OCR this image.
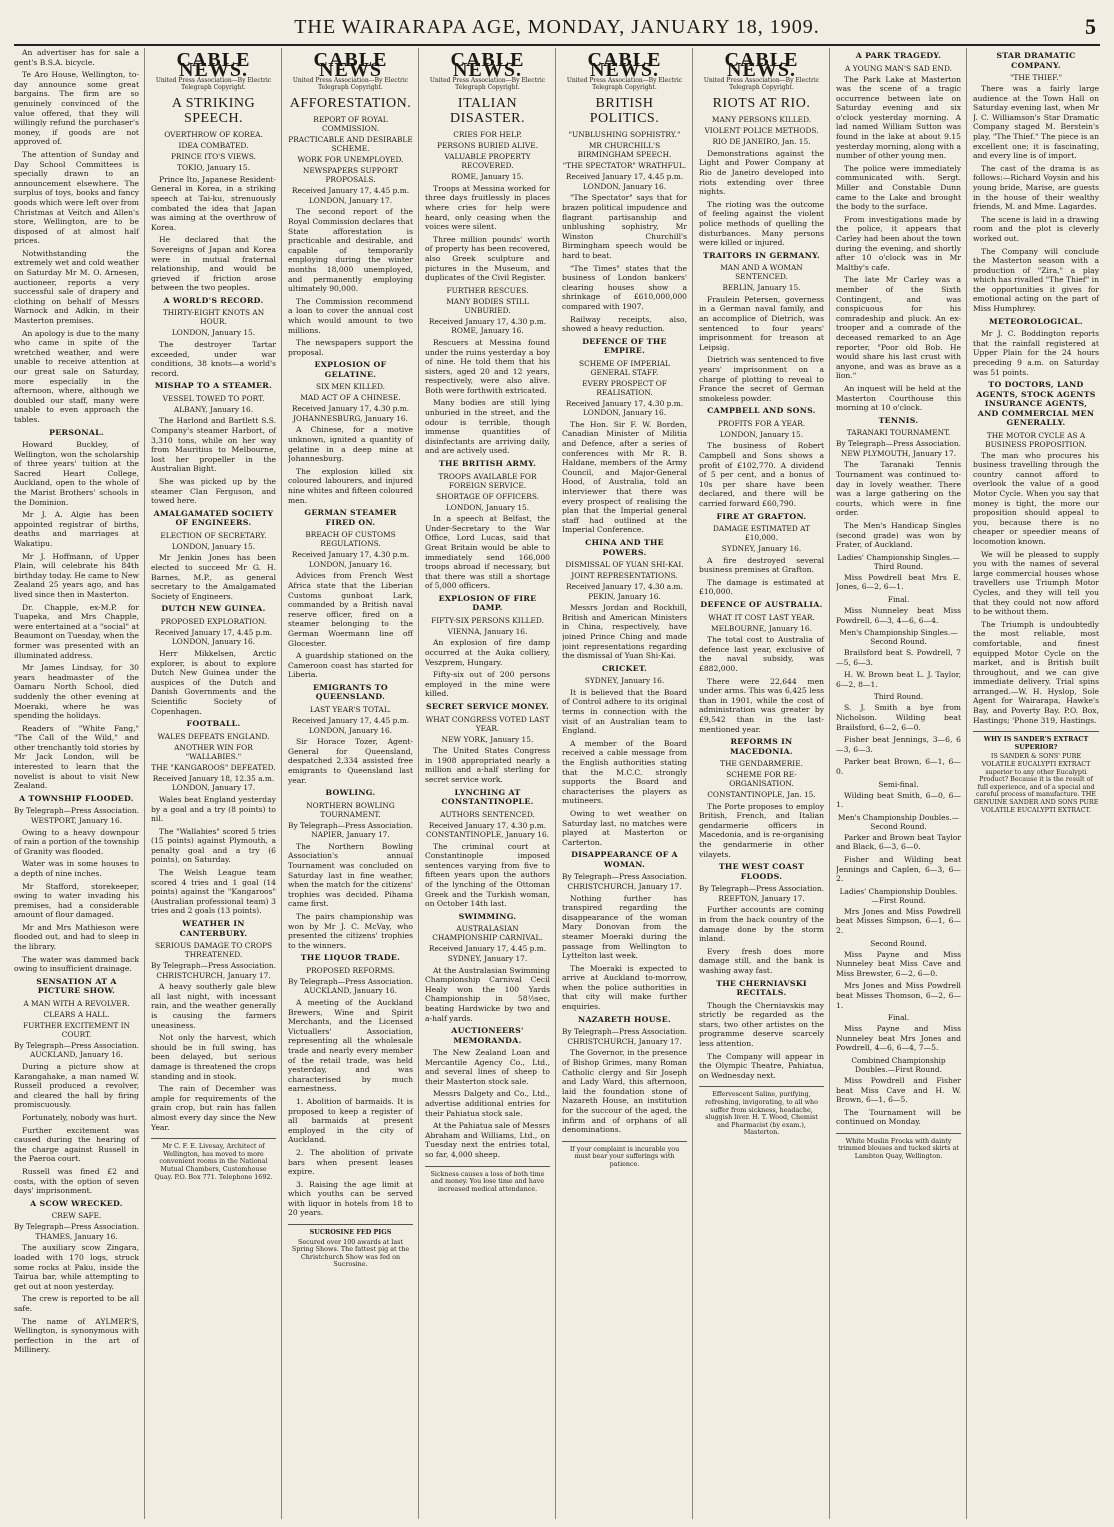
THE WAIRARAPA AGE, MONDAY, JANUARY 18, 1909.	5

An advertiser has for sale a gent's B.S.A. bicycle.

Te Aro House, Wellington, to-day announce some great bargains. The firm are so genuinely convinced of the value offered, that they will willingly refund the purchaser's money, if goods are not approved of.

The attention of Sunday and Day School Committees is specially drawn to an announcement elsewhere. The surplus of toys, books and fancy goods which were left over from Christmas at Veitch and Allen's store, Wellington, are to be disposed of at almost half prices.

Notwithstanding the extremely wet and cold weather on Saturday Mr M. O. Arnesen, auctioneer, reports a very successful sale of drapery and clothing on behalf of Messrs Warnock and Adkin, in their Masterton premises.

An apology is due to the many who came in spite of the wretched weather, and were unable to receive attention at our great sale on Saturday, more especially in the afternoon, where, although we doubled our staff, many were unable to even approach the tables.

PERSONAL.

Howard Buckley, of Wellington, won the scholarship of three years' tuition at the Sacred Heart College, Auckland, open to the whole of the Marist Brothers' schools in the Dominion.

Mr J. A. Algie has been appointed registrar of births, deaths and marriages at Wakatipu.

Mr J. Hoffmann, of Upper Plain, will celebrate his 84th birthday today. He came to New Zealand 25 years ago, and has lived since then in Masterton.

Dr. Chapple, ex-M.P. for Tuapeka, and Mrs Chapple, were entertained at a "social" at Beaumont on Tuesday, when the former was presented with an illuminated address.

Mr James Lindsay, for 30 years headmaster of the Oamaru North School, died suddenly the other evening at Moeraki, where he was spending the holidays.

Readers of "White Fang," "The Call of the Wild," and other trenchantly told stories by Mr Jack London, will be interested to learn that the novelist is about to visit New Zealand.

A TOWNSHIP FLOODED.
By Telegraph—Press Association. WESTPORT, January 16.

Owing to a heavy downpour of rain a portion of the township of Granity was flooded.

Water was in some houses to a depth of nine inches.

Mr Stafford, storekeeper, owing to water invading his premises, had a considerable amount of flour damaged.

Mr and Mrs Mathieson were flooded out, and had to sleep in the library.

The water was dammed back owing to insufficient drainage.

SENSATION AT A PICTURE SHOW.
A MAN WITH A REVOLVER.
CLEARS A HALL.
FURTHER EXCITEMENT IN COURT.
By Telegraph—Press Association. AUCKLAND, January 16.

During a picture show at Karangahake, a man named W. Russell produced a revolver, and cleared the hall by firing promiscuously.

Fortunately, nobody was hurt.

Further excitement was caused during the hearing of the charge against Russell in the Paeroa court.

Russell was fined £2 and costs, with the option of seven days' imprisonment.

A SCOW WRECKED.
CREW SAFE.
By Telegraph—Press Association. THAMES, January 16.

The auxiliary scow Zingara, loaded with 170 logs, struck some rocks at Paku, inside the Tairua bar, while attempting to get out at noon yesterday.

The crew is reported to be all safe.

The name of AYLMER'S, Wellington, is synonymous with perfection in the art of Millinery.

CABLE NEWS.
United Press Association—By Electric Telegraph Copyright.
A STRIKING SPEECH.
OVERTHROW OF KOREA.
IDEA COMBATED.
PRINCE ITO'S VIEWS.
TOKIO, January 15.

Prince Ito, Japanese Resident-General in Korea, in a striking speech at Tai-ku, strenuously combated the idea that Japan was aiming at the overthrow of Korea.

He declared that the Sovereigns of Japan and Korea were in mutual fraternal relationship, and would be grieved if friction arose between the two peoples.

A WORLD'S RECORD.
THIRTY-EIGHT KNOTS AN HOUR.
LONDON, January 15.

The destroyer Tartar exceeded, under war conditions, 38 knots—a world's record.

MISHAP TO A STEAMER.
VESSEL TOWED TO PORT.
ALBANY, January 16.

The Harlond and Bartlett S.S. Company's steamer Harbort, of 3,310 tons, while on her way from Mauritius to Melbourne, lost her propeller in the Australian Bight.

She was picked up by the steamer Clan Ferguson, and towed here.

AMALGAMATED SOCIETY OF ENGINEERS.
ELECTION OF SECRETARY.
LONDON, January 15.

Mr Jenkin Jones has been elected to succeed Mr G. H. Barnes, M.P., as general secretary to the Amalgamated Society of Engineers.

DUTCH NEW GUINEA.
PROPOSED EXPLORATION.
Received January 17, 4.45 p.m. LONDON, January 16.

Herr Mikkelsen, Arctic explorer, is about to explore Dutch New Guinea under the auspices of the Dutch and Danish Governments and the Scientific Society of Copenhagen.

FOOTBALL.
WALES DEFEATS ENGLAND.
ANOTHER WIN FOR "WALLABIES."
THE "KANGAROOS" DEFEATED.
Received January 18, 12.35 a.m. LONDON, January 17.

Wales beat England yesterday by a goal and a try (8 points) to nil.

The "Wallabies" scored 5 tries (15 points) against Plymouth, a penalty goal and a try (6 points), on Saturday.

The Welsh League team scored 4 tries and 1 goal (14 points) against the "Kangaroos" (Australian professional team) 3 tries and 2 goals (13 points).

WEATHER IN CANTERBURY.
SERIOUS DAMAGE TO CROPS THREATENED.
By Telegraph—Press Association. CHRISTCHURCH, January 17.

A heavy southerly gale blew all last night, with incessant rain, and the weather generally is causing the farmers uneasiness.

Not only the harvest, which should be in full swing, has been delayed, but serious damage is threatened the crops standing and in stook.

The rain of December was ample for requirements of the grain crop, but rain has fallen almost every day since the New Year.

Mr C. F. E. Livesay, Architect of Wellington, has moved to more convenient rooms in the National Mutual Chambers, Customhouse Quay. P.O. Box 771. Telephone 1692.
CABLE NEWS
United Press Association—By Electric Telegraph Copyright.
AFFORESTATION.
REPORT OF ROYAL COMMISSION.
PRACTICABLE AND DESIRABLE SCHEME.
WORK FOR UNEMPLOYED.
NEWSPAPERS SUPPORT PROPOSALS.
Received January 17, 4.45 p.m. LONDON, January 17.

The second report of the Royal Commission declares that State afforestation is practicable and desirable, and capable of temporarily employing during the winter months 18,000 unemployed, and permanently employing ultimately 90,000.

The Commission recommend a loan to cover the annual cost which would amount to two millions.

The newspapers support the proposal.

EXPLOSION OF GELATINE.
SIX MEN KILLED.
MAD ACT OF A CHINESE.
Received January 17, 4.30 p.m. JOHANNESBURG, January 16.

A Chinese, for a motive unknown, ignited a quantity of gelatine in a deep mine at Johannesburg.

The explosion killed six coloured labourers, and injured nine whites and fifteen coloured men.

GERMAN STEAMER FIRED ON.
BREACH OF CUSTOMS REGULATIONS.
Received January 17, 4.30 p.m. LONDON, January 16.

Advices from French West Africa state that the Liberian Customs gunboat Lark, commanded by a British naval reserve officer, fired on a steamer belonging to the German Woermann line off Glocester.

A guardship stationed on the Cameroon coast has started for Liberia.

EMIGRANTS TO QUEENSLAND.
LAST YEAR'S TOTAL.
Received January 17, 4.45 p.m. LONDON, January 16.

Sir Horace Tozer, Agent-General for Queensland, despatched 2,334 assisted free emigrants to Queensland last year.

BOWLING.
NORTHERN BOWLING TOURNAMENT.
By Telegraph—Press Association. NAPIER, January 17.

The Northern Bowling Association's annual Tournament was concluded on Saturday last in fine weather, when the match for the citizens' trophies was decided. Pihama came first.

The pairs championship was won by Mr J. C. McVay, who presented the citizens' trophies to the winners.

THE LIQUOR TRADE.
PROPOSED REFORMS.
By Telegraph—Press Association. AUCKLAND, January 16.

A meeting of the Auckland Brewers, Wine and Spirit Merchants, and the Licensed Victuallers' Association, representing all the wholesale trade and nearly every member of the retail trade, was held yesterday, and was characterised by much earnestness.

1. Abolition of barmaids. It is proposed to keep a register of all barmaids at present employed in the city of Auckland.

2. The abolition of private bars when present leases expire.

3. Raising the age limit at which youths can be served with liquor in hotels from 18 to 20 years.

SUCROSINE FED PIGS
Secured over 100 awards at last Spring Shows. The fattest pig at the Christchurch Show was fed on Sucrosine.
CABLE NEWS.
United Press Association—By Electric Telegraph Copyright.
ITALIAN DISASTER.
CRIES FOR HELP.
PERSONS BURIED ALIVE.
VALUABLE PROPERTY RECOVERED.
ROME, January 15.

Troops at Messina worked for three days fruitlessly in places where cries for help were heard, only ceasing when the voices were silent.

Three million pounds' worth of property has been recovered, also Greek sculpture and pictures in the Museum, and duplicates of the Civil Register.

FURTHER RESCUES.
MANY BODIES STILL UNBURIED.
Received January 17, 4.30 p.m. ROME, January 16.

Rescuers at Messina found under the ruins yesterday a boy of nine. He told them that his sisters, aged 20 and 12 years, respectively, were also alive. Both were forthwith extricated.

Many bodies are still lying unburied in the street, and the odour is terrible, though immense quantities of disinfectants are arriving daily, and are actively used.

THE BRITISH ARMY.
TROOPS AVAILABLE FOR FOREIGN SERVICE.
SHORTAGE OF OFFICERS.
LONDON, January 15.

In a speech at Belfast, the Under-Secretary to the War Office, Lord Lucas, said that Great Britain would be able to immediately send 166,000 troops abroad if necessary, but that there was still a shortage of 5,000 officers.

EXPLOSION OF FIRE DAMP.
FIFTY-SIX PERSONS KILLED.
VIENNA, January 16.

An explosion of fire damp occurred at the Auka colliery, Veszprem, Hungary.

Fifty-six out of 200 persons employed in the mine were killed.

SECRET SERVICE MONEY.
WHAT CONGRESS VOTED LAST YEAR.
NEW YORK, January 15.

The United States Congress in 1908 appropriated nearly a million and a-half sterling for secret service work.

LYNCHING AT CONSTANTINOPLE.
AUTHORS SENTENCED.
Received January 17, 4.30 p.m. CONSTANTINOPLE, January 16.

The criminal court at Constantinople imposed sentences varying from five to fifteen years upon the authors of the lynching of the Ottoman Greek and the Turkish woman, on October 14th last.

SWIMMING.
AUSTRALASIAN CHAMPIONSHIP CARNIVAL.
Received January 17, 4.45 p.m. SYDNEY, January 17.

At the Australasian Swimming Championship Carnival Cecil Healy won the 100 Yards Championship in 58½sec, beating Hardwicke by two and a-half yards.

AUCTIONEERS' MEMORANDA.

The New Zealand Loan and Mercantile Agency Co., Ltd., and several lines of sheep to their Masterton stock sale.

Messrs Dalgety and Co., Ltd., advertise additional entries for their Pahiatua stock sale.

At the Pahiatua sale of Messrs Abraham and Williams, Ltd., on Tuesday next the entries total, so far, 4,000 sheep.

Sickness causes a loss of both time and money. You lose time and have increased medical attendance.
CABLE NEWS.
United Press Association—By Electric Telegraph Copyright.
BRITISH POLITICS.
"UNBLUSHING SOPHISTRY."
MR CHURCHILL'S BIRMINGHAM SPEECH.
"THE SPECTATOR" WRATHFUL.
Received January 17, 4.45 p.m. LONDON, January 16.

"The Spectator" says that for brazen political impudence and flagrant partisanship and unblushing sophistry, Mr Winston Churchill's Birmingham speech would be hard to beat.

"The Times" states that the business of London bankers' clearing houses show a shrinkage of £610,000,000 compared with 1907.

Railway receipts, also, showed a heavy reduction.

DEFENCE OF THE EMPIRE.
SCHEME OF IMPERIAL GENERAL STAFF.
EVERY PROSPECT OF REALISATION.
Received January 17, 4.30 p.m. LONDON, January 16.

The Hon. Sir F. W. Borden, Canadian Minister of Militia and Defence, after a series of conferences with Mr R. B. Haldane, members of the Army Council, and Major-General Hood, of Australia, told an interviewer that there was every prospect of realising the plan that the Imperial general staff had outlined at the Imperial Conference.

CHINA AND THE POWERS.
DISMISSAL OF YUAN SHI-KAI.
JOINT REPRESENTATIONS.
Received January 17, 4.30 a.m. PEKIN, January 16.

Messrs Jordan and Rockhill, British and American Ministers in China, respectively, have joined Prince Ching and made joint representations regarding the dismissal of Yuan Shi-Kai.

CRICKET.
SYDNEY, January 16.

It is believed that the Board of Control adhere to its original terms in connection with the visit of an Australian team to England.

A member of the Board received a cable message from the English authorities stating that the M.C.C. strongly supports the Board and characterises the players as mutineers.

Owing to wet weather on Saturday last, no matches were played at Masterton or Carterton.

DISAPPEARANCE OF A WOMAN.
By Telegraph—Press Association. CHRISTCHURCH, January 17.

Nothing further has transpired regarding the disappearance of the woman Mary Donovan from the steamer Moeraki during the passage from Wellington to Lyttelton last week.

The Moeraki is expected to arrive at Auckland to-morrow, when the police authorities in that city will make further enquiries.

NAZARETH HOUSE.
By Telegraph—Press Association. CHRISTCHURCH, January 17.

The Governor, in the presence of Bishop Grimes, many Roman Catholic clergy and Sir Joseph and Lady Ward, this afternoon, laid the foundation stone of Nazareth House, an institution for the succour of the aged, the infirm and of orphans of all denominations.

If your complaint is incurable you must bear your sufferings with patience.
CABLE NEWS.
United Press Association—By Electric Telegraph Copyright.
RIOTS AT RIO.
MANY PERSONS KILLED.
VIOLENT POLICE METHODS.
RIO DE JANEIRO, Jan. 15.

Demonstrations against the Light and Power Company at Rio de Janeiro developed into riots extending over three nights.

The rioting was the outcome of feeling against the violent police methods of quelling the disturbances. Many persons were killed or injured.

TRAITORS IN GERMANY.
MAN AND A WOMAN SENTENCED.
BERLIN, January 15.

Fraulein Petersen, governess in a German naval family, and an accomplice of Dietrich, was sentenced to four years' imprisonment for treason at Leipsig.

Dietrich was sentenced to five years' imprisonment on a charge of plotting to reveal to France the secret of German smokeless powder.

CAMPBELL AND SONS.
PROFITS FOR A YEAR.
LONDON, January 15.

The business of Robert Campbell and Sons shows a profit of £102,770. A dividend of 5 per cent, and a bonus of 10s per share have been declared, and there will be carried forward £60,790.

FIRE AT GRAFTON.
DAMAGE ESTIMATED AT £10,000.
SYDNEY, January 16.

A fire destroyed several business premises at Grafton.

The damage is estimated at £10,000.

DEFENCE OF AUSTRALIA.
WHAT IT COST LAST YEAR.
MELBOURNE, January 16.

The total cost to Australia of defence last year, exclusive of the naval subsidy, was £882,000.

There were 22,644 men under arms. This was 6,425 less than in 1901, while the cost of administration was greater by £9,542 than in the last-mentioned year.

REFORMS IN MACEDONIA.
THE GENDARMERIE.
SCHEME FOR RE-ORGANISATION.
CONSTANTINOPLE, Jan. 15.

The Porte proposes to employ British, French, and Italian gendarmerie officers in Macedonia, and is re-organising the gendarmerie in other vilayets.

THE WEST COAST FLOODS.
By Telegraph—Press Association. REEFTON, January 17.

Further accounts are coming in from the back country of the damage done by the storm inland.

Every fresh does more damage still, and the bank is washing away fast.

THE CHERNIAVSKI RECITALS.

Though the Cherniavskis may strictly be regarded as the stars, two other artistes on the programme deserve scarcely less attention.

The Company will appear in the Olympic Theatre, Pahiatua, on Wednesday next.

Effervescent Saline, purifying, refreshing, invigorating, to all who suffer from sickness, headache, sluggish liver. H. T. Wood, Chemist and Pharmacist (by exam.), Masterton.
A PARK TRAGEDY.
A YOUNG MAN'S SAD END.

The Park Lake at Masterton was the scene of a tragic occurrence between late on Saturday evening and six o'clock yesterday morning. A lad named William Sutton was found in the lake at about 9.15 yesterday morning, along with a number of other young men.

The police were immediately communicated with. Sergt. Miller and Constable Dunn came to the Lake and brought the body to the surface.

From investigations made by the police, it appears that Carley had been about the town during the evening, and shortly after 10 o'clock was in Mr Maltby's cafe.

The late Mr Carley was a member of the Sixth Contingent, and was conspicuous for his comradeship and pluck. An ex-trooper and a comrade of the deceased remarked to an Age reporter, "Poor old Bob. He would share his last crust with anyone, and was as brave as a lion."

An inquest will be held at the Masterton Courthouse this morning at 10 o'clock.

TENNIS.
TARANAKI TOURNAMENT.
By Telegraph—Press Association. NEW PLYMOUTH, January 17.

The Taranaki Tennis Tournament was continued to-day in lovely weather. There was a large gathering on the courts, which were in fine order.

The Men's Handicap Singles (second grade) was won by Frater, of Auckland.

Ladies' Championship Singles.—Third Round.

Miss Powdrell beat Mrs E. Jones, 6—2, 6—1.

Final.

Miss Nunneley beat Miss Powdrell, 6—3, 4—6, 6—4.

Men's Championship Singles.—Second Round.

Brailsford beat S. Powdrell, 7—5, 6—3.

H. W. Brown beat L. J. Taylor, 6—2, 8—1.

Third Round.

S. J. Smith a bye from Nicholson. Wilding beat Brailsford, 6—2, 6—0.

Fisher beat Jennings, 3—6, 6—3, 6—3.

Parker beat Brown, 6—1, 6—0.

Semi-final.

Wilding beat Smith, 6—0, 6—1.

Men's Championship Doubles.—Second Round.

Parker and Brown beat Taylor and Black, 6—3, 6—0.

Fisher and Wilding beat Jennings and Caplen, 6—3, 6—2.

Ladies' Championship Doubles.—First Round.

Mrs Jones and Miss Powdrell beat Misses Simpson, 6—1, 6—2.

Second Round.

Miss Payne and Miss Nunneley beat Miss Cave and Miss Brewster, 6—2, 6—0.

Mrs Jones and Miss Powdrell beat Misses Thomson, 6—2, 6—1.

Final.

Miss Payne and Miss Nunneley beat Mrs Jones and Powdrell, 4—6, 6—4, 7—5.

Combined Championship Doubles.—First Round.

Miss Powdrell and Fisher beat Miss Cave and H. W. Brown, 6—1, 6—5.

The Tournament will be continued on Monday.

White Muslin Frocks with dainty trimmed blouses and tucked skirts at Lambton Quay, Wellington.
STAR DRAMATIC COMPANY.
"THE THIEF."

There was a fairly large audience at the Town Hall on Saturday evening last, when Mr J. C. Williamson's Star Dramatic Company staged M. Berstein's play, "The Thief." The piece is an excellent one; it is fascinating, and every line is of import.

The cast of the drama is as follows:—Richard Voysin and his young bride, Marise, are guests in the house of their wealthy friends, M. and Mme. Lagardes.

The scene is laid in a drawing room and the plot is cleverly worked out.

The Company will conclude the Masterton season with a production of "Zira," a play which has rivalled "The Thief" in the opportunities it gives for emotional acting on the part of Miss Humphrey.

METEOROLOGICAL.

Mr J. C. Boddington reports that the rainfall registered at Upper Plain for the 24 hours preceding 9 a.m. on Saturday was 51 points.

TO DOCTORS, LAND AGENTS, STOCK AGENTS INSURANCE AGENTS, AND COMMERCIAL MEN GENERALLY.
THE MOTOR CYCLE AS A BUSINESS PROPOSITION.

The man who procures his business travelling through the country cannot afford to overlook the value of a good Motor Cycle. When you say that money is tight, the more our proposition should appeal to you, because there is no cheaper or speedier means of locomotion known.

We will be pleased to supply you with the names of several large commercial houses whose travellers use Triumph Motor Cycles, and they will tell you that they could not now afford to be without them.

The Triumph is undoubtedly the most reliable, most comfortable, and finest equipped Motor Cycle on the market, and is British built throughout, and we can give immediate delivery. Trial spins arranged.—W. H. Hyslop, Sole Agent for Wairarapa, Hawke's Bay, and Poverty Bay. P.O. Box, Hastings; 'Phone 319, Hastings.

WHY IS SANDER'S EXTRACT SUPERIOR?
IS SANDER & SONS' PURE VOLATILE EUCALYPTI EXTRACT superior to any other Eucalypti Product? Because it is the result of full experience, and of a special and careful process of manufacture. THE GENUINE SANDER AND SONS PURE VOLATILE EUCALYPTI EXTRACT.
